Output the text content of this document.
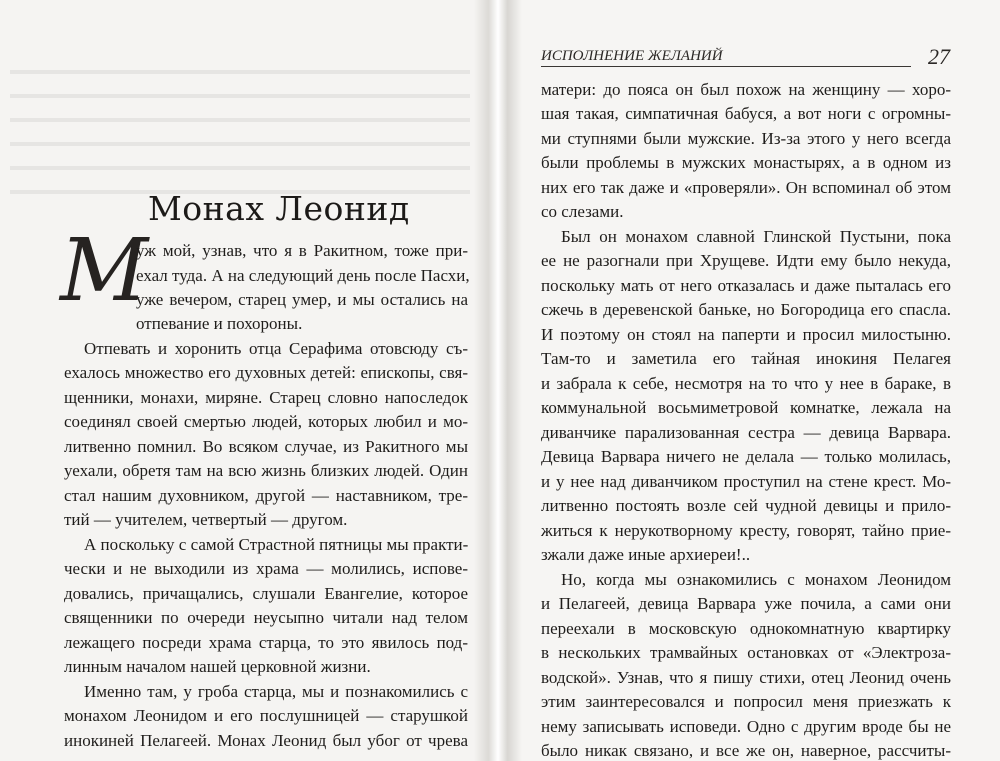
Монах Леонид
М

уж мой, узнав, что я в Ракитном, тоже при-

ехал туда. А на следующий день после Пасхи,

уже вечером, старец умер, и мы остались на

отпевание и похороны.

Отпевать и хоронить отца Серафима отовсюду съ-

ехалось множество его духовных детей: епископы, свя-

щенники, монахи, миряне. Старец словно напоследок

соединял своей смертью людей, которых любил и мо-

литвенно помнил. Во всяком случае, из Ракитного мы

уехали, обретя там на всю жизнь близких людей. Один

стал нашим духовником, другой — наставником, тре-

тий — учителем, четвертый — другом.

А поскольку с самой Страстной пятницы мы практи-

чески и не выходили из храма — молились, испове-

довались, причащались, слушали Евангелие, которое

священники по очереди неусыпно читали над телом

лежащего посреди храма старца, то это явилось под-

линным началом нашей церковной жизни.

Именно там, у гроба старца, мы и познакомились с

монахом Леонидом и его послушницей — старушкой

инокиней Пелагеей. Монах Леонид был убог от чрева

ИСПОЛНЕНИЕ ЖЕЛАНИЙ	27

матери: до пояса он был похож на женщину — хоро-

шая такая, симпатичная бабуся, а вот ноги с огромны-

ми ступнями были мужские. Из-за этого у него всегда

были проблемы в мужских монастырях, а в одном из

них его так даже и «проверяли». Он вспоминал об этом

со слезами.

Был он монахом славной Глинской Пустыни, пока

ее не разогнали при Хрущеве. Идти ему было некуда,

поскольку мать от него отказалась и даже пыталась его

сжечь в деревенской баньке, но Богородица его спасла.

И поэтому он стоял на паперти и просил милостыню.

Там-то и заметила его тайная инокиня Пелагея

и забрала к себе, несмотря на то что у нее в бараке, в

коммунальной восьмиметровой комнатке, лежала на

диванчике парализованная сестра — девица Варвара.

Девица Варвара ничего не делала — только молилась,

и у нее над диванчиком проступил на стене крест. Мо-

литвенно постоять возле сей чудной девицы и прило-

житься к нерукотворному кресту, говорят, тайно прие-

зжали даже иные архиереи!..

Но, когда мы ознакомились с монахом Леонидом

и Пелагеей, девица Варвара уже почила, а сами они

переехали в московскую однокомнатную квартирку

в нескольких трамвайных остановках от «Электроза-

водской». Узнав, что я пишу стихи, отец Леонид очень

этим заинтересовался и попросил меня приезжать к

нему записывать исповеди. Одно с другим вроде бы не

было никак связано, и все же он, наверное, рассчиты-
